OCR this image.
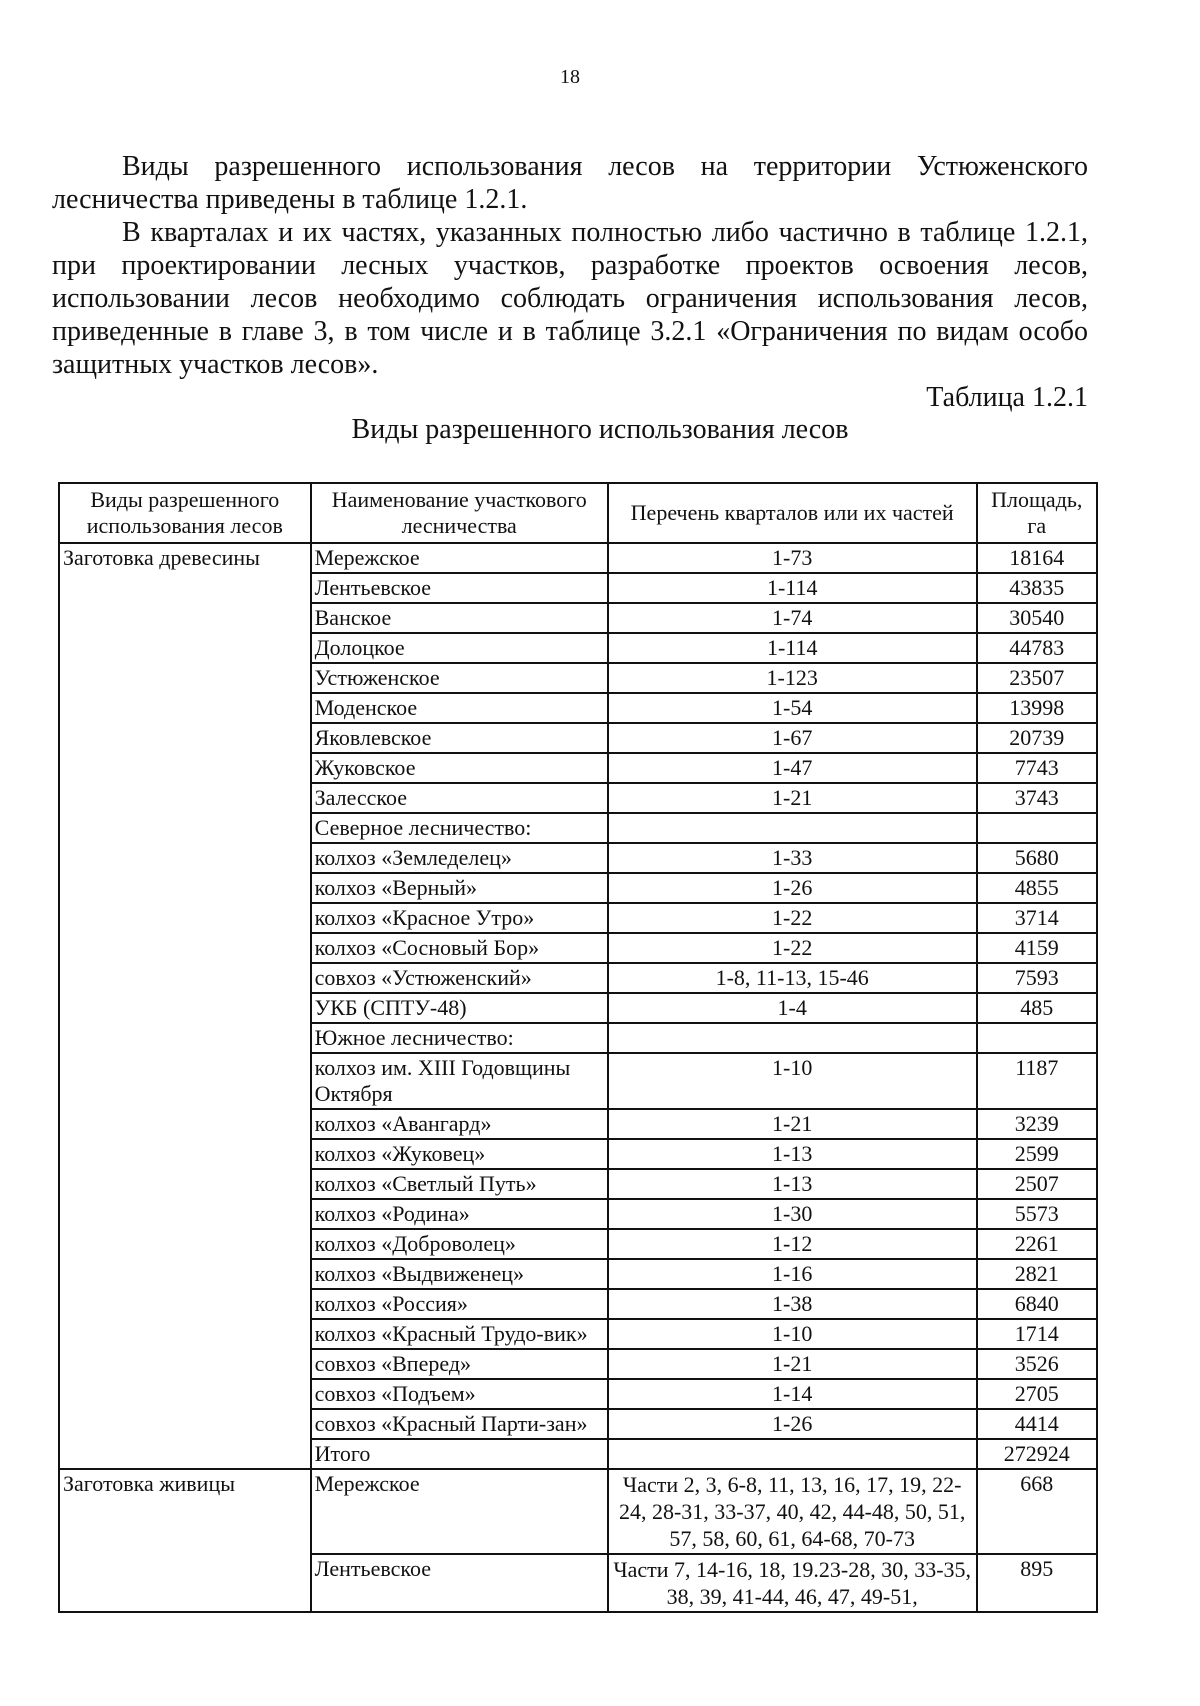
18

Виды разрешенного использования лесов на территории Устюженского лесничества приведены в таблице 1.2.1.

В кварталах и их частях, указанных полностью либо частично в таблице 1.2.1, при проектировании лесных участков, разработке проектов освоения лесов, использовании лесов необходимо соблюдать ограничения использования лесов, приведенные в главе 3, в том числе и в таблице 3.2.1 «Ограничения по видам особо защитных участков лесов».

Таблица 1.2.1
Виды разрешенного использования лесов
Виды разрешенного использования лесов	Наименование участкового лесничества	Перечень кварталов или их частей	Площадь, га
Заготовка древесины	Мережское	1-73	18164
	Лентьевское	1-114	43835
	Ванское	1-74	30540
	Долоцкое	1-114	44783
	Устюженское	1-123	23507
	Моденское	1-54	13998
	Яковлевское	1-67	20739
	Жуковское	1-47	7743
	Залесское	1-21	3743
	Северное лесничество:		
	колхоз «Земледелец»	1-33	5680
	колхоз «Верный»	1-26	4855
	колхоз «Красное Утро»	1-22	3714
	колхоз «Сосновый Бор»	1-22	4159
	совхоз «Устюженский»	1-8, 11-13, 15-46	7593
	УКБ (СПТУ-48)	1-4	485
	Южное лесничество:		
	колхоз им. XIII Годовщины Октября	1-10	1187
	колхоз «Авангард»	1-21	3239
	колхоз «Жуковец»	1-13	2599
	колхоз «Светлый Путь»	1-13	2507
	колхоз «Родина»	1-30	5573
	колхоз «Доброволец»	1-12	2261
	колхоз «Выдвиженец»	1-16	2821
	колхоз «Россия»	1-38	6840
	колхоз «Красный Трудо-вик»	1-10	1714
	совхоз «Вперед»	1-21	3526
	совхоз «Подъем»	1-14	2705
	совхоз «Красный Парти-зан»	1-26	4414
	Итого		272924
Заготовка живицы	Мережское	Части 2, 3, 6-8, 11, 13, 16, 17, 19, 22-24, 28-31, 33-37, 40, 42, 44-48, 50, 51, 57, 58, 60, 61, 64-68, 70-73	668
	Лентьевское	Части 7, 14-16, 18, 19.23-28, 30, 33-35, 38, 39, 41-44, 46, 47, 49-51,	895
